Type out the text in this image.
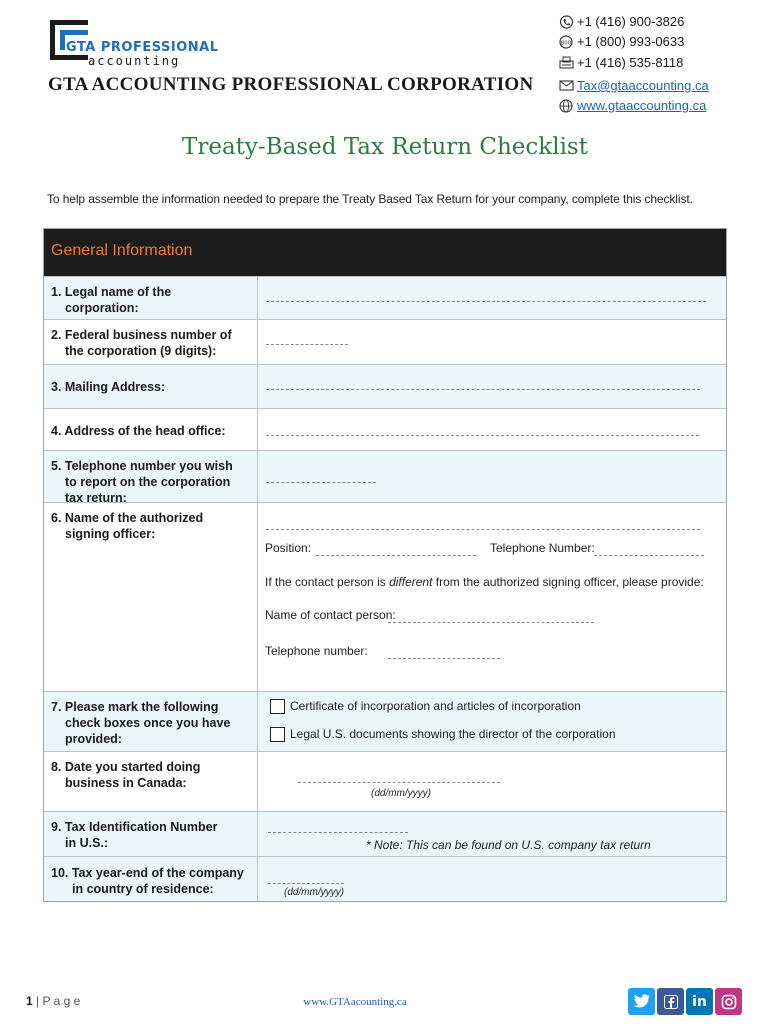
GTA PROFESSIONAL
accounting
GTA ACCOUNTING PROFESSIONAL CORPORATION
+1 (416) 900-3826
800 +1 (800) 993-0633
+1 (416) 535-8118
Tax@gtaaccounting.ca
www.gtaaccounting.ca
Treaty-Based Tax Return Checklist
To help assemble the information needed to prepare the Treaty Based Tax Return for your company, complete this checklist.
General Information
1. Legal name of the
corporation:
2. Federal business number of
the corporation (9 digits):
3. Mailing Address:
4. Address of the head office:
5. Telephone number you wish
to report on the corporation
tax return:
6. Name of the authorized
signing officer:
Position:	Telephone Number:
If the contact person is different from the authorized signing officer, please provide:
Name of contact person:
Telephone number:
7. Please mark the following
check boxes once you have
provided:
Certificate of incorporation and articles of incorporation
Legal U.S. documents showing the director of the corporation
8. Date you started doing
business in Canada:
(dd/mm/yyyy)
9. Tax Identification Number
in U.S.:	* Note: This can be found on U.S. company tax return
10. Tax year-end of the company
in country of residence:	(dd/mm/yyyy)
1 | P a g e	www.GTAacounting.ca	in
